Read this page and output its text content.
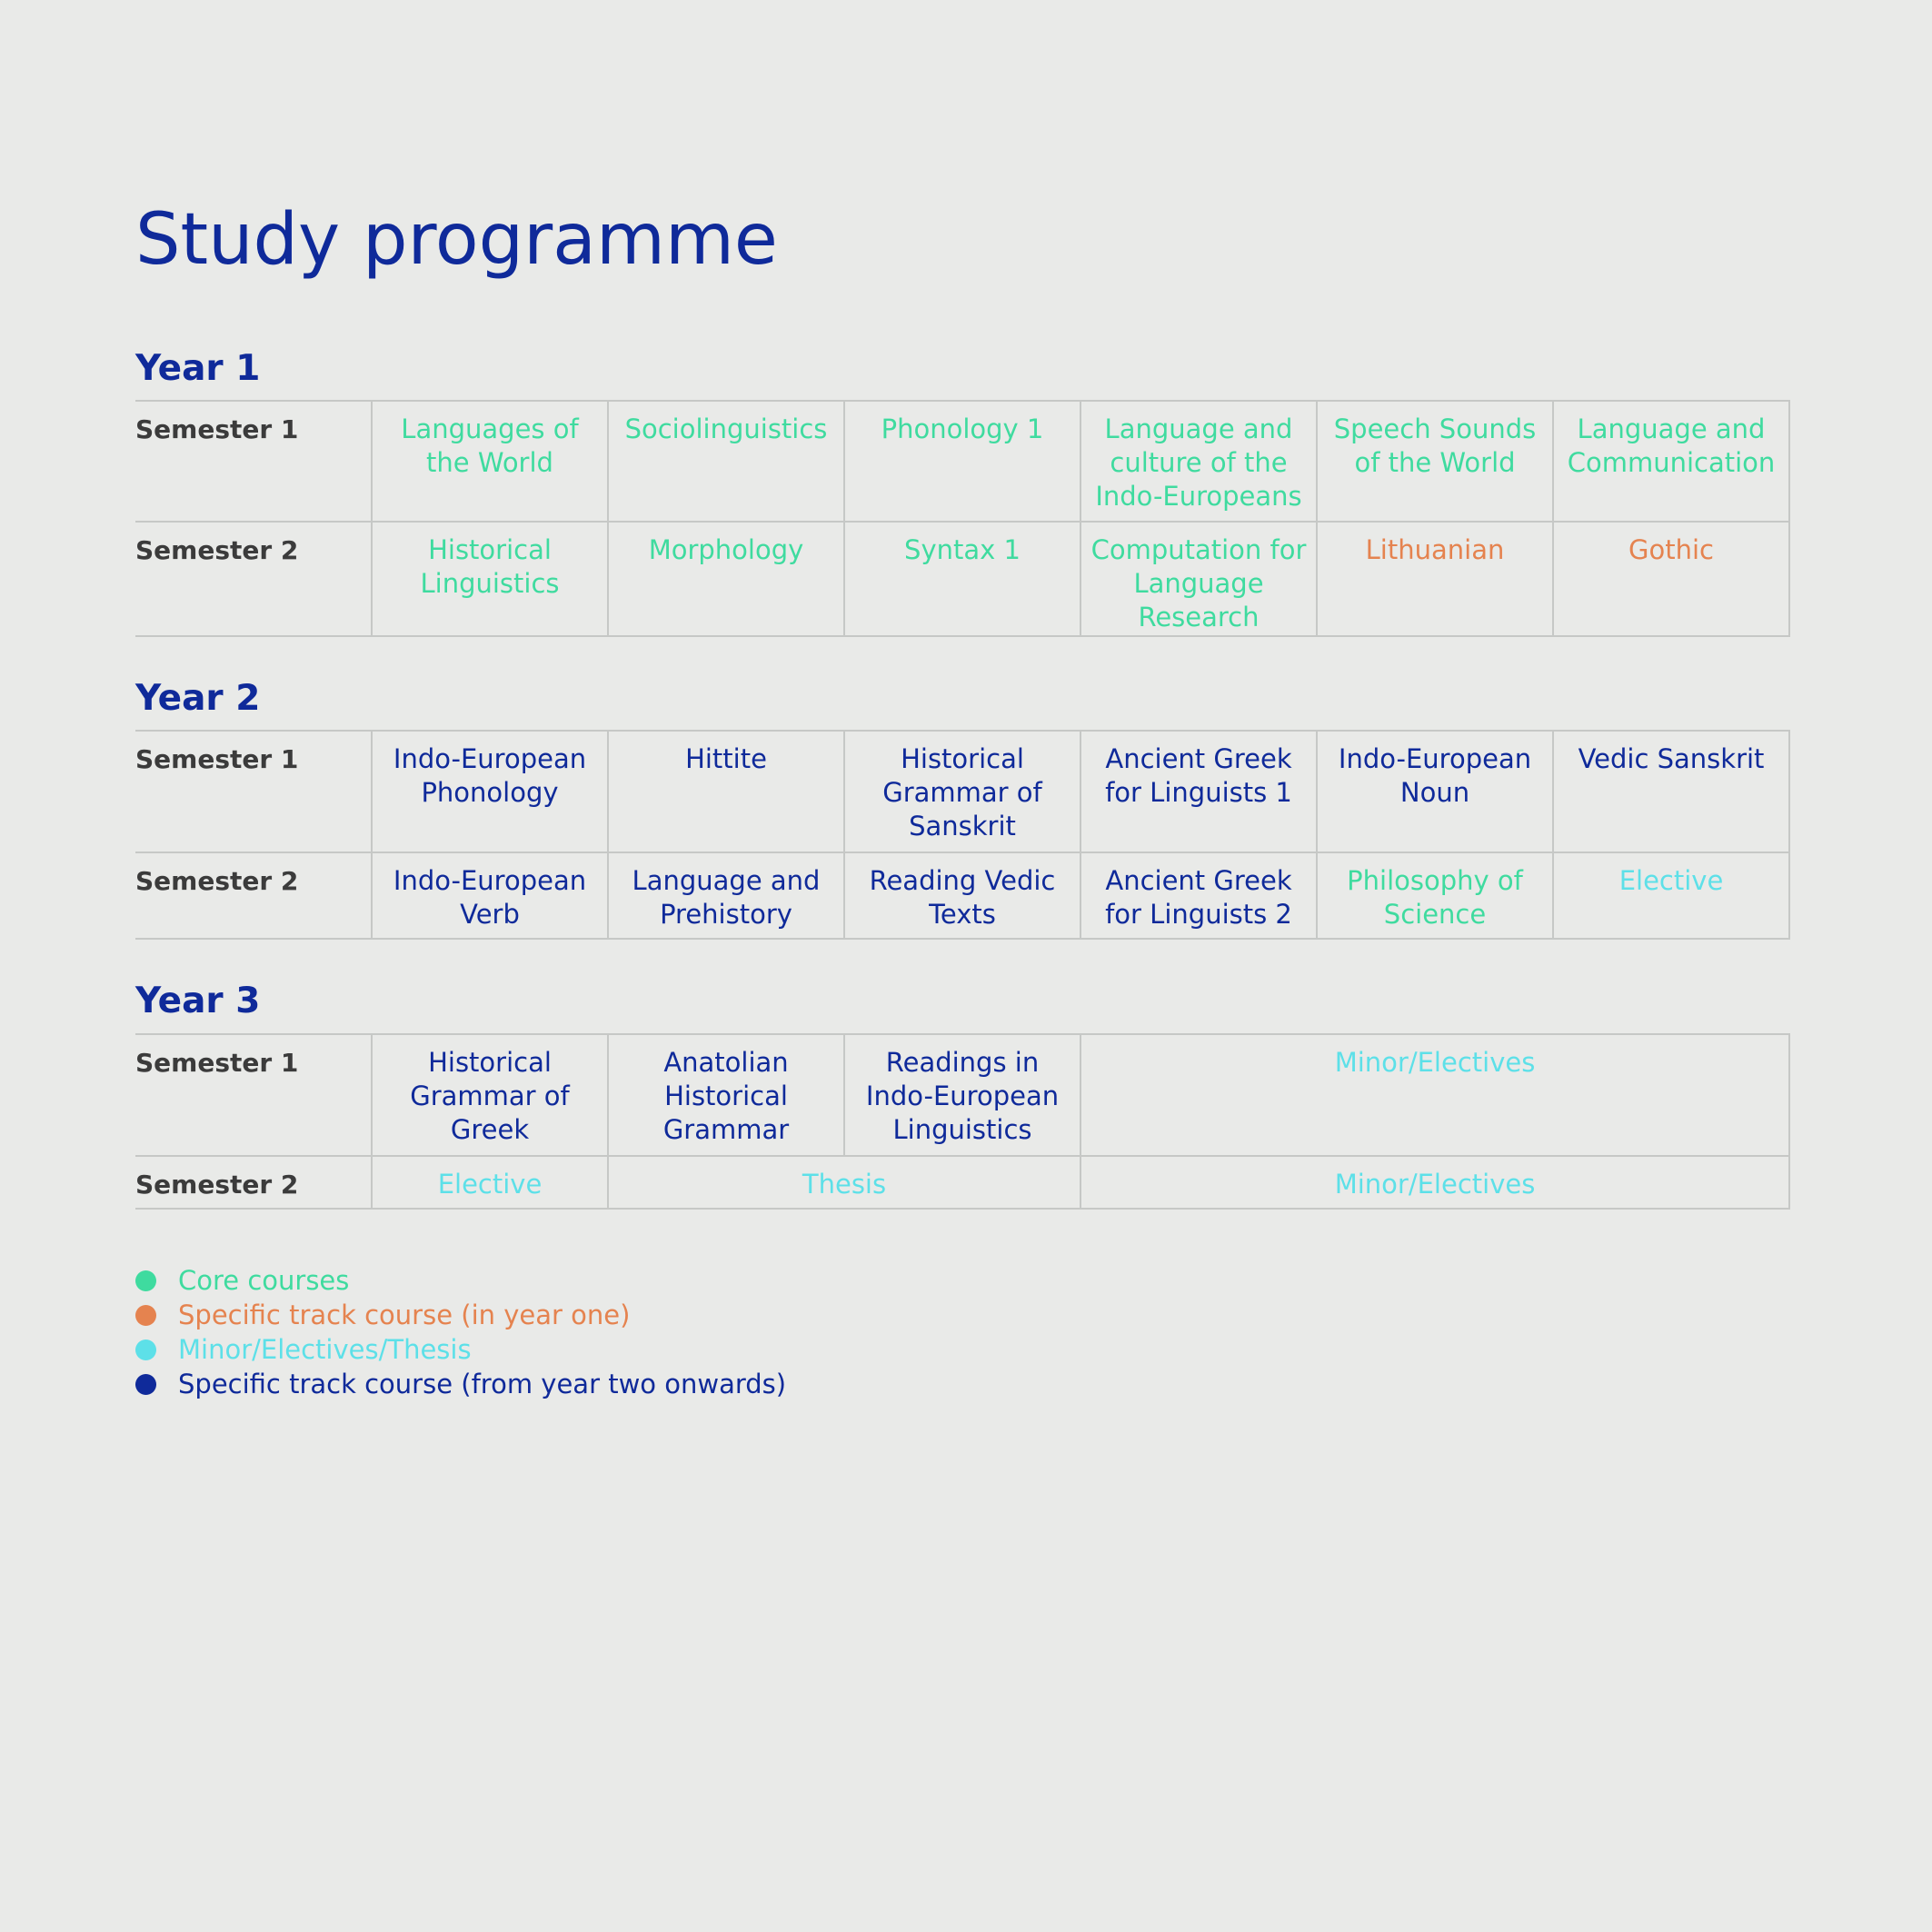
Study programme
Year 1
Semester 1	Languages of the World	Sociolinguistics	Phonology 1	Language and culture of the Indo-Europeans	Speech Sounds of the World	Language and Communication
Semester 2	Historical Linguistics	Morphology	Syntax 1	Computation for Language Research	Lithuanian	Gothic
Year 2
Semester 1	Indo-European Phonology	Hittite	Historical Grammar of Sanskrit	Ancient Greek for Linguists 1	Indo-European Noun	Vedic Sanskrit
Semester 2	Indo-European Verb	Language and Prehistory	Reading Vedic Texts	Ancient Greek for Linguists 2	Philosophy of Science	Elective
Year 3
Semester 1	Historical Grammar of Greek	Anatolian Historical Grammar	Readings in Indo-European Linguistics	Minor/Electives
Semester 2	Elective	Thesis		Minor/Electives
Core courses
Specific track course (in year one)
Minor/Electives/Thesis
Specific track course (from year two onwards)
